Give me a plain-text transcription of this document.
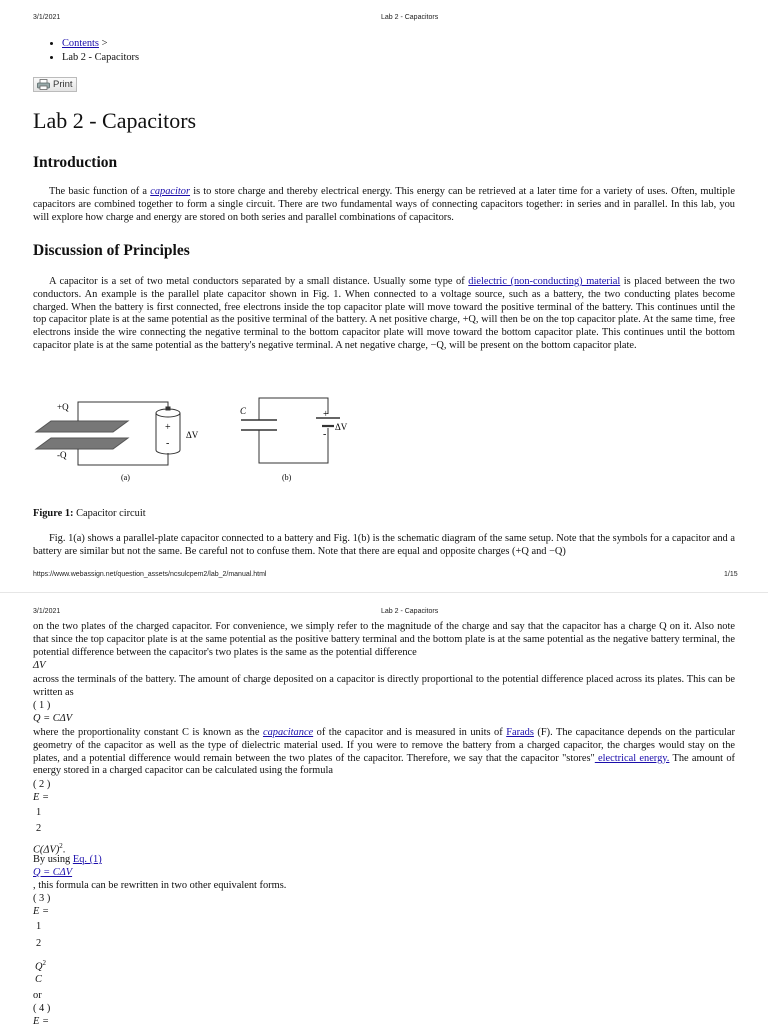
3/1/2021	Lab 2 - Capacitors
• Contents >
• Lab 2 - Capacitors
Print
Lab 2 - Capacitors
Introduction
The basic function of a capacitor is to store charge and thereby electrical energy. This energy can be retrieved at a later time for a variety of uses. Often, multiple capacitors are combined together to form a single circuit. There are two fundamental ways of connecting capacitors together: in series and in parallel. In this lab, you will explore how charge and energy are stored on both series and parallel combinations of capacitors.
Discussion of Principles
A capacitor is a set of two metal conductors separated by a small distance. Usually some type of dielectric (non-conducting) material is placed between the two conductors. An example is the parallel plate capacitor shown in Fig. 1. When connected to a voltage source, such as a battery, the two conducting plates become charged. When the battery is first connected, free electrons inside the top capacitor plate will move toward the positive terminal of the battery. This continues until the top capacitor plate is at the same potential as the positive terminal of the battery. A net positive charge, +Q, will then be on the top capacitor plate. At the same time, free electrons inside the wire connecting the negative terminal to the bottom capacitor plate will move toward the bottom capacitor plate. This continues until the bottom capacitor plate is at the same potential as the battery's negative terminal. A net negative charge, −Q, will be present on the bottom capacitor plate.
+Q
-Q
+
-
ΔV
(a)
C	+
-
ΔV
(b)
Figure 1: Capacitor circuit
Fig. 1(a) shows a parallel-plate capacitor connected to a battery and Fig. 1(b) is the schematic diagram of the same setup. Note that the symbols for a capacitor and a battery are similar but not the same. Be careful not to confuse them. Note that there are equal and opposite charges (+Q and −Q)
https://www.webassign.net/question_assets/ncsulcpem2/lab_2/manual.html	1/15
3/1/2021	Lab 2 - Capacitors
on the two plates of the charged capacitor. For convenience, we simply refer to the magnitude of the charge and say that the capacitor has a charge Q on it. Also note that since the top capacitor plate is at the same potential as the positive battery terminal and the bottom plate is at the same potential as the negative battery terminal, the potential difference between the capacitor's two plates is the same as the potential difference
ΔV
across the terminals of the battery. The amount of charge deposited on a capacitor is directly proportional to the potential difference placed across its plates. This can be written as
( 1 )
Q = CΔV
where the proportionality constant C is known as the capacitance of the capacitor and is measured in units of Farads (F). The capacitance depends on the particular geometry of the capacitor as well as the type of dielectric material used. If you were to remove the battery from a charged capacitor, the charges would stay on the plates, and a potential difference would remain between the two plates of the capacitor. Therefore, we say that the capacitor "stores" electrical energy. The amount of energy stored in a charged capacitor can be calculated using the formula
( 2 )
E =
1
2
$C(\Delta V)^2$.
By using Eq. (1)
Q = CΔV
, this formula can be rewritten in two other equivalent forms.
( 3 )
E =
1
2
$Q^2$
C
or
( 4 )
E =
